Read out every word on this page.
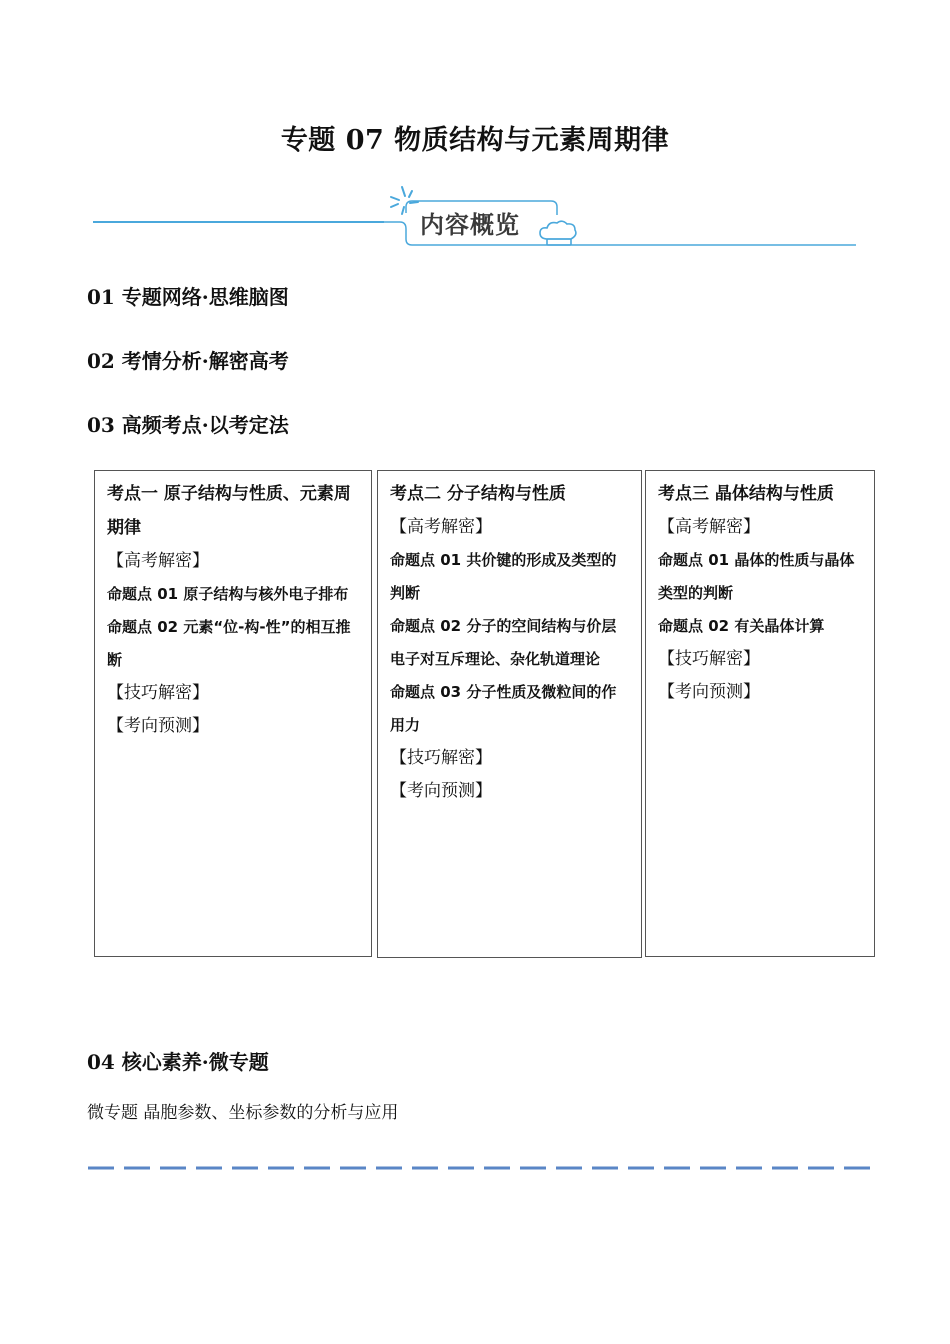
专题 07 物质结构与元素周期律
内容概览
01 专题网络·思维脑图
02 考情分析·解密高考
03 高频考点·以考定法
考点一 原子结构与性质、元素周期律
【高考解密】
命题点 01 原子结构与核外电子排布
命题点 02 元素“位-构-性”的相互推断
【技巧解密】
【考向预测】
考点二 分子结构与性质
【高考解密】
命题点 01 共价键的形成及类型的判断
命题点 02 分子的空间结构与价层电子对互斥理论、杂化轨道理论
命题点 03 分子性质及微粒间的作用力
【技巧解密】
【考向预测】
考点三 晶体结构与性质
【高考解密】
命题点 01 晶体的性质与晶体类型的判断
命题点 02 有关晶体计算
【技巧解密】
【考向预测】
04 核心素养·微专题
微专题 晶胞参数、坐标参数的分析与应用
